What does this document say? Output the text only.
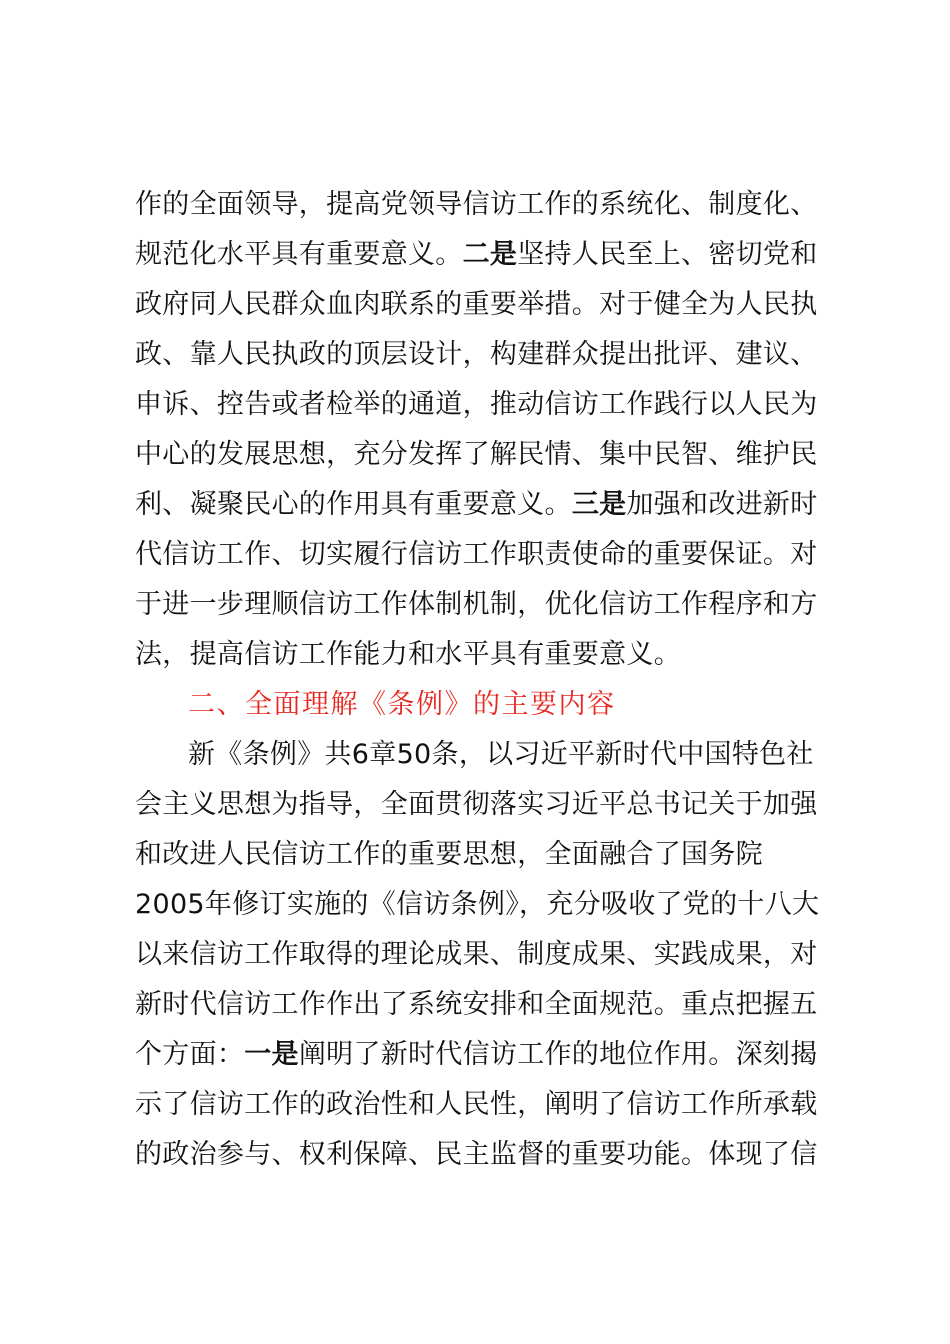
作的全面领导，提高党领导信访工作的系统化、制度化、
规范化水平具有重要意义。二是坚持人民至上、密切党和
政府同人民群众血肉联系的重要举措。对于健全为人民执
政、靠人民执政的顶层设计，构建群众提出批评、建议、
申诉、控告或者检举的通道，推动信访工作践行以人民为
中心的发展思想，充分发挥了解民情、集中民智、维护民
利、凝聚民心的作用具有重要意义。三是加强和改进新时
代信访工作、切实履行信访工作职责使命的重要保证。对
于进一步理顺信访工作体制机制，优化信访工作程序和方
法，提高信访工作能力和水平具有重要意义。
二、全面理解《条例》的主要内容
新《条例》共6章50条，以习近平新时代中国特色社
会主义思想为指导，全面贯彻落实习近平总书记关于加强
和改进人民信访工作的重要思想，全面融合了国务院
2005年修订实施的《信访条例》，充分吸收了党的十八大
以来信访工作取得的理论成果、制度成果、实践成果，对
新时代信访工作作出了系统安排和全面规范。重点把握五
个方面：一是阐明了新时代信访工作的地位作用。深刻揭
示了信访工作的政治性和人民性，阐明了信访工作所承载
的政治参与、权利保障、民主监督的重要功能。体现了信
